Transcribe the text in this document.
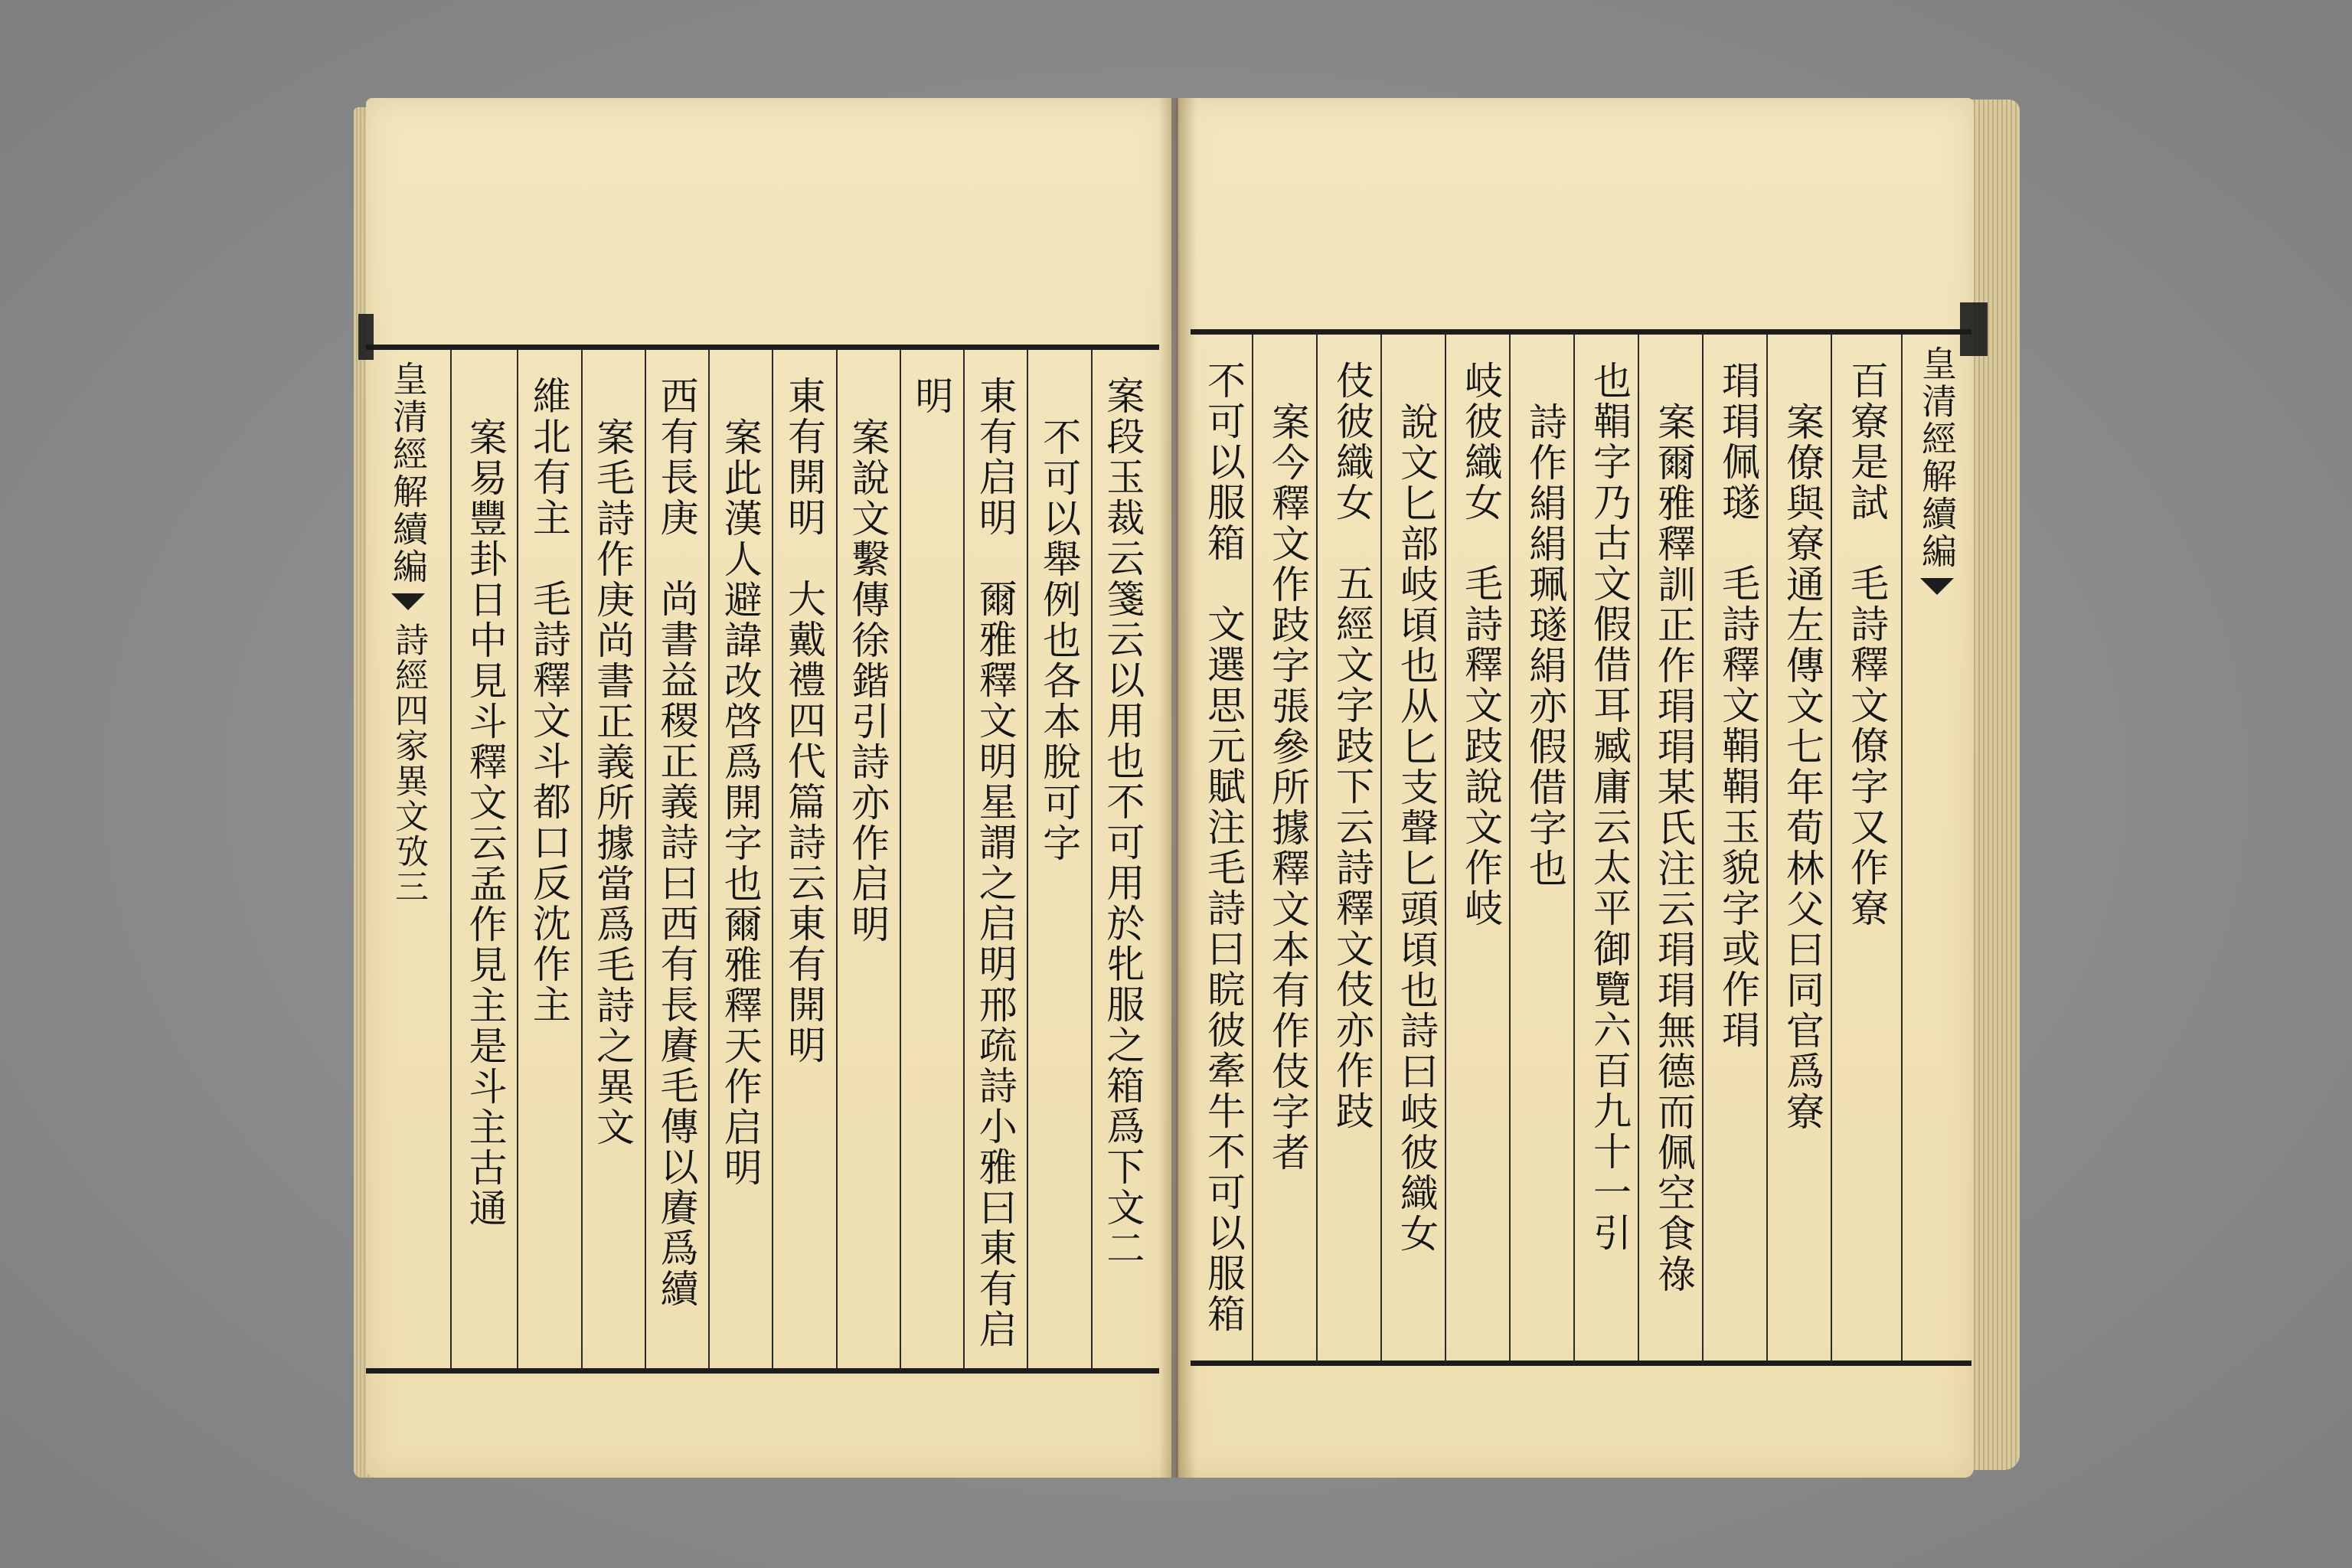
皇清經解續編
詩經四家異文攷三	案段玉裁云箋云以用也不可用於牝服之箱爲下文二
不可以舉例也各本脫可字
東有启明　爾雅釋文明星謂之启明邢疏詩小雅曰東有启
明
案說文繫傳徐鍇引詩亦作启明
東有開明　大戴禮四代篇詩云東有開明
案此漢人避諱改啓爲開字也爾雅釋天作启明
西有長庚　尚書益稷正義詩曰西有長賡毛傳以賡爲續
案毛詩作庚尚書正義所據當爲毛詩之異文
維北有主　毛詩釋文斗都口反沈作主
案易豐卦日中見斗釋文云孟作見主是斗主古通	皇清經解續編
百寮是試　毛詩釋文僚字又作寮
案僚與寮通左傳文七年荀林父曰同官爲寮
琄琄佩璲　毛詩釋文鞙鞙玉貌字或作琄
案爾雅釋訓正作琄琄某氏注云琄琄無德而佩空食祿
也鞙字乃古文假借耳臧庸云太平御覽六百九十一引
詩作絹絹珮璲絹亦假借字也
岐彼織女　毛詩釋文跂說文作岐
說文匕部岐頃也从匕支聲匕頭頃也詩曰岐彼織女
伎彼織女　五經文字跂下云詩釋文伎亦作跂
案今釋文作跂字張參所據釋文本有作伎字者
不可以服箱　文選思元賦注毛詩曰睆彼牽牛不可以服箱
